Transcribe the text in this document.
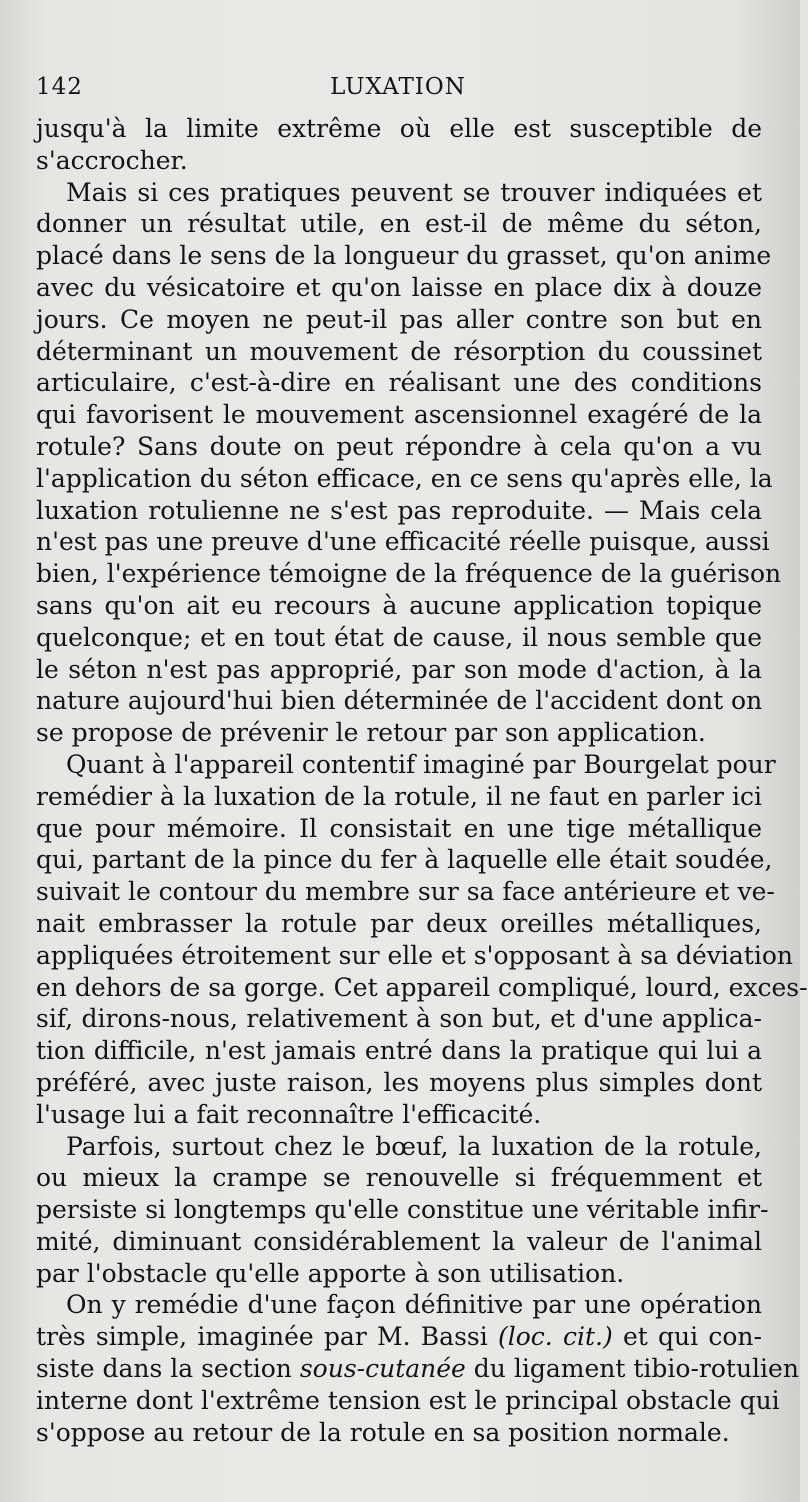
142	LUXATION
jusqu'à la limite extrême où elle est susceptible de
s'accrocher.
Mais si ces pratiques peuvent se trouver indiquées et
donner un résultat utile, en est-il de même du séton,
placé dans le sens de la longueur du grasset, qu'on anime
avec du vésicatoire et qu'on laisse en place dix à douze
jours. Ce moyen ne peut-il pas aller contre son but en
déterminant un mouvement de résorption du coussinet
articulaire, c'est-à-dire en réalisant une des conditions
qui favorisent le mouvement ascensionnel exagéré de la
rotule? Sans doute on peut répondre à cela qu'on a vu
l'application du séton efficace, en ce sens qu'après elle, la
luxation rotulienne ne s'est pas reproduite. — Mais cela
n'est pas une preuve d'une efficacité réelle puisque, aussi
bien, l'expérience témoigne de la fréquence de la guérison
sans qu'on ait eu recours à aucune application topique
quelconque; et en tout état de cause, il nous semble que
le séton n'est pas approprié, par son mode d'action, à la
nature aujourd'hui bien déterminée de l'accident dont on
se propose de prévenir le retour par son application.
Quant à l'appareil contentif imaginé par Bourgelat pour
remédier à la luxation de la rotule, il ne faut en parler ici
que pour mémoire. Il consistait en une tige métallique
qui, partant de la pince du fer à laquelle elle était soudée,
suivait le contour du membre sur sa face antérieure et ve-
nait embrasser la rotule par deux oreilles métalliques,
appliquées étroitement sur elle et s'opposant à sa déviation
en dehors de sa gorge. Cet appareil compliqué, lourd, exces-
sif, dirons-nous, relativement à son but, et d'une applica-
tion difficile, n'est jamais entré dans la pratique qui lui a
préféré, avec juste raison, les moyens plus simples dont
l'usage lui a fait reconnaître l'efficacité.
Parfois, surtout chez le bœuf, la luxation de la rotule,
ou mieux la crampe se renouvelle si fréquemment et
persiste si longtemps qu'elle constitue une véritable infir-
mité, diminuant considérablement la valeur de l'animal
par l'obstacle qu'elle apporte à son utilisation.
On y remédie d'une façon définitive par une opération
très simple, imaginée par M. Bassi (loc. cit.) et qui con-
siste dans la section sous-cutanée du ligament tibio-rotulien
interne dont l'extrême tension est le principal obstacle qui
s'oppose au retour de la rotule en sa position normale.
